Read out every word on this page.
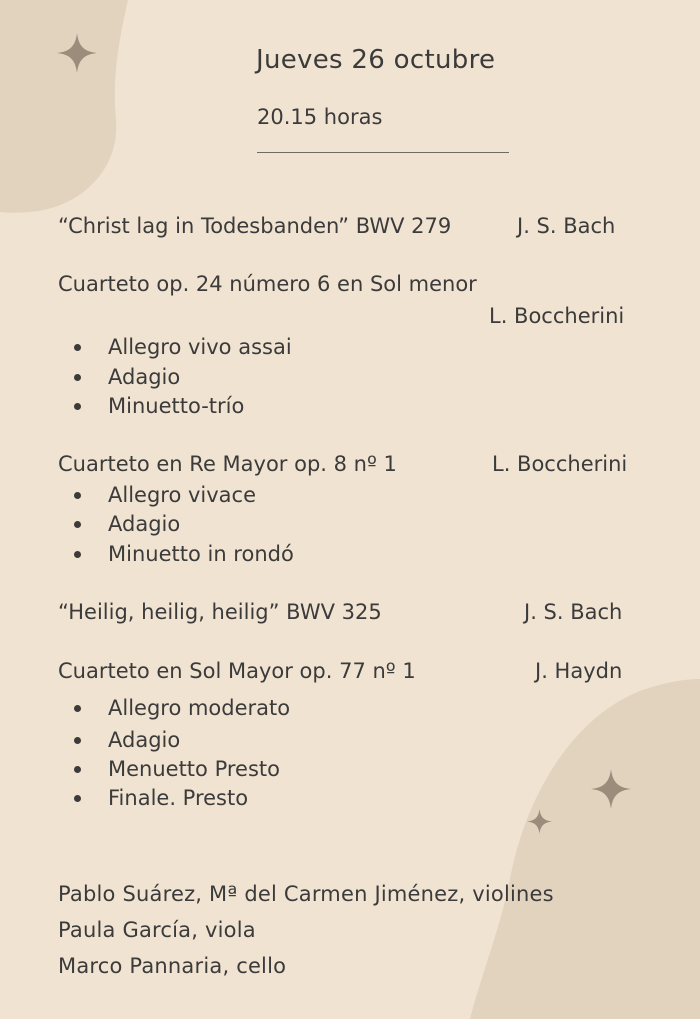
Jueves 26 octubre
20.15 horas
“Christ lag in Todesbanden” BWV 279	J. S. Bach
Cuarteto op. 24 número 6 en Sol menor
L. Boccherini
Allegro vivo assai
Adagio
Minuetto-trío
Cuarteto en Re Mayor op. 8 nº 1	L. Boccherini
Allegro vivace
Adagio
Minuetto in rondó
“Heilig, heilig, heilig” BWV 325	J. S. Bach
Cuarteto en Sol Mayor op. 77 nº 1	J. Haydn
Allegro moderato
Adagio
Menuetto Presto
Finale. Presto
Pablo Suárez, Mª del Carmen Jiménez, violines
Paula García, viola
Marco Pannaria, cello
